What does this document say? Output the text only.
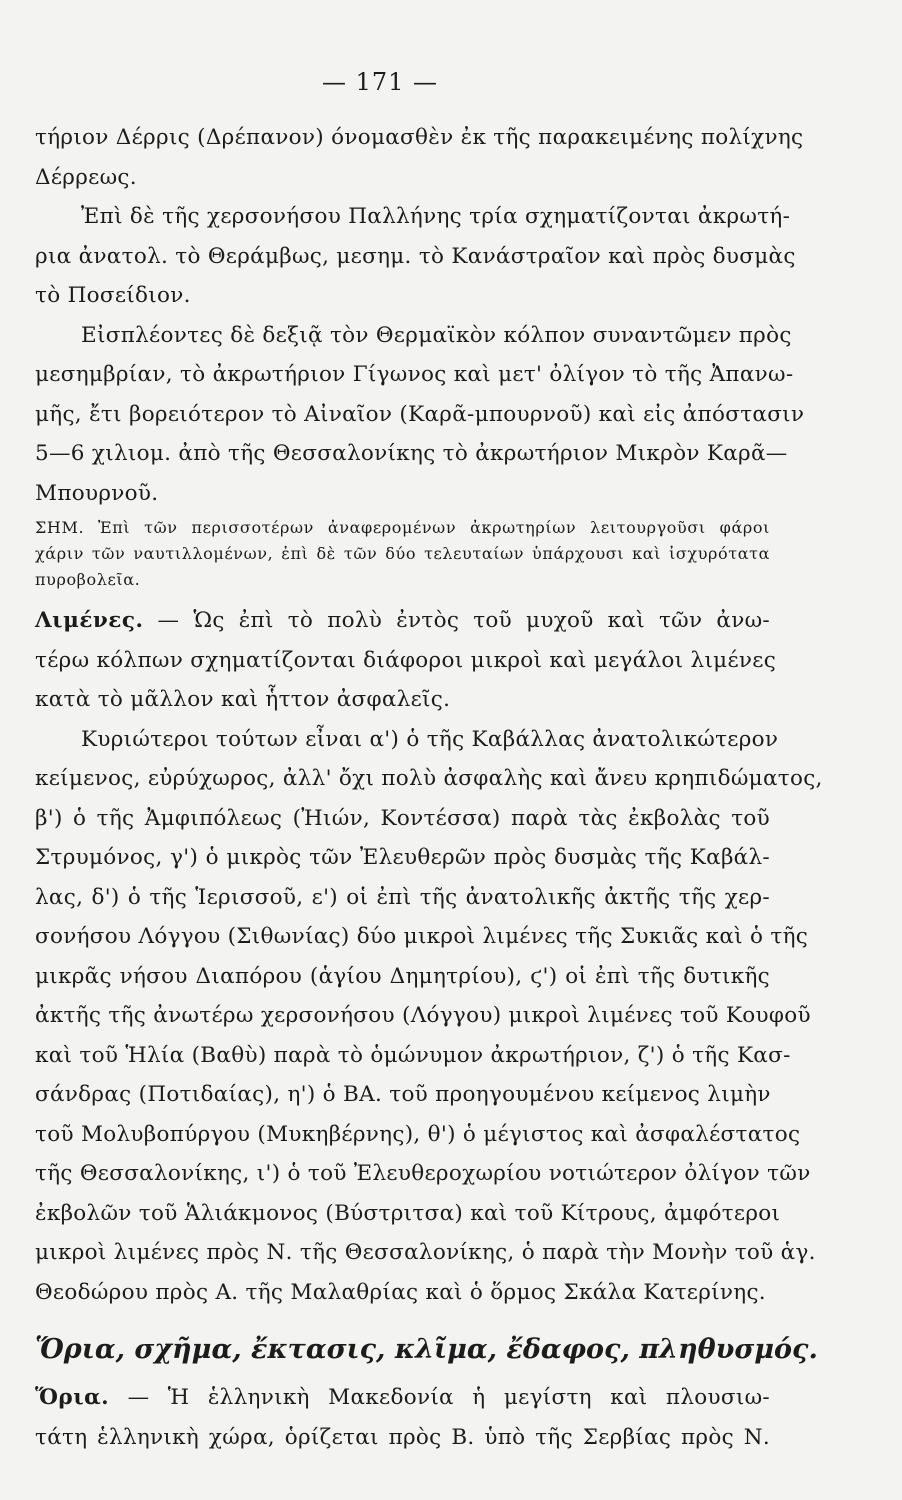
— 171 —
τήριον Δέρρις (Δρέπανον) όνομασθὲν ἐκ τῆς παρακειμένης πολίχνης
Δέρρεως.
Ἐπὶ δὲ τῆς χερσονήσου Παλλήνης τρία σχηματίζονται ἀκρωτή-
ρια ἀνατολ. τὸ Θεράμβως, μεσημ. τὸ Κανάστραῖον καὶ πρὸς δυσμὰς
τὸ Ποσείδιον.
Εἰσπλέοντες δὲ δεξιᾷ τὸν Θερμαϊκὸν κόλπον συναντῶμεν πρὸς
μεσημβρίαν, τὸ ἀκρωτήριον Γίγωνος καὶ μετ' ὀλίγον τὸ τῆς Ἀπανω-
μῆς, ἔτι βορειότερον τὸ Αἰναῖον (Καρᾶ-μπουρνοῦ) καὶ εἰς ἀπόστασιν
5—6 χιλιομ. ἀπὸ τῆς Θεσσαλονίκης τὸ ἀκρωτήριον Μικρὸν Καρᾶ—
Μπουρνοῦ.
ΣΗΜ. Ἐπὶ τῶν περισσοτέρων ἀναφερομένων ἀκρωτηρίων λειτουργοῦσι φάροι
χάριν τῶν ναυτιλλομένων, ἐπὶ δὲ τῶν δύο τελευταίων ὑπάρχουσι καὶ ἰσχυρότατα
πυροβολεῖα.
Λιμένες. — Ὡς ἐπὶ τὸ πολὺ ἐντὸς τοῦ μυχοῦ καὶ τῶν ἀνω-
τέρω κόλπων σχηματίζονται διάφοροι μικροὶ καὶ μεγάλοι λιμένες
κατὰ τὸ μᾶλλον καὶ ἧττον ἀσφαλεῖς.
Κυριώτεροι τούτων εἶναι α') ὁ τῆς Καβάλλας ἀνατολικώτερον
κείμενος, εὐρύχωρος, ἀλλ' ὄχι πολὺ ἀσφαλὴς καὶ ἄνευ κρηπιδώματος,
β') ὁ τῆς Ἀμφιπόλεως (Ἠιών, Κοντέσσα) παρὰ τὰς ἐκβολὰς τοῦ
Στρυμόνος, γ') ὁ μικρὸς τῶν Ἐλευθερῶν πρὸς δυσμὰς τῆς Καβάλ-
λας, δ') ὁ τῆς Ἱερισσοῦ, ε') οἱ ἐπὶ τῆς ἀνατολικῆς ἀκτῆς τῆς χερ-
σονήσου Λόγγου (Σιθωνίας) δύο μικροὶ λιμένες τῆς Συκιᾶς καὶ ὁ τῆς
μικρᾶς νήσου Διαπόρου (ἁγίου Δημητρίου), ϛ') οἱ ἐπὶ τῆς δυτικῆς
ἀκτῆς τῆς ἀνωτέρω χερσονήσου (Λόγγου) μικροὶ λιμένες τοῦ Κουφοῦ
καὶ τοῦ Ἡλία (Βαθὺ) παρὰ τὸ ὁμώνυμον ἀκρωτήριον, ζ') ὁ τῆς Κασ-
σάνδρας (Ποτιδαίας), η') ὁ ΒΑ. τοῦ προηγουμένου κείμενος λιμὴν
τοῦ Μολυβοπύργου (Μυκηβέρνης), θ') ὁ μέγιστος καὶ ἀσφαλέστατος
τῆς Θεσσαλονίκης, ι') ὁ τοῦ Ἐλευθεροχωρίου νοτιώτερον ὀλίγον τῶν
ἐκβολῶν τοῦ Ἁλιάκμονος (Βύστριτσα) καὶ τοῦ Κίτρους, ἀμφότεροι
μικροὶ λιμένες πρὸς Ν. τῆς Θεσσαλονίκης, ὁ παρὰ τὴν Μονὴν τοῦ ἁγ.
Θεοδώρου πρὸς Α. τῆς Μαλαθρίας καὶ ὁ ὅρμος Σκάλα Κατερίνης.
Ὅρια, σχῆμα, ἔκτασις, κλῖμα, ἔδαφος, πληθυσμός.
Ὅρια. — Ἡ ἑλληνικὴ Μακεδονία ἡ μεγίστη καὶ πλουσιω-
τάτη ἑλληνικὴ χώρα, ὁρίζεται πρὸς Β. ὑπὸ τῆς Σερβίας πρὸς Ν.
